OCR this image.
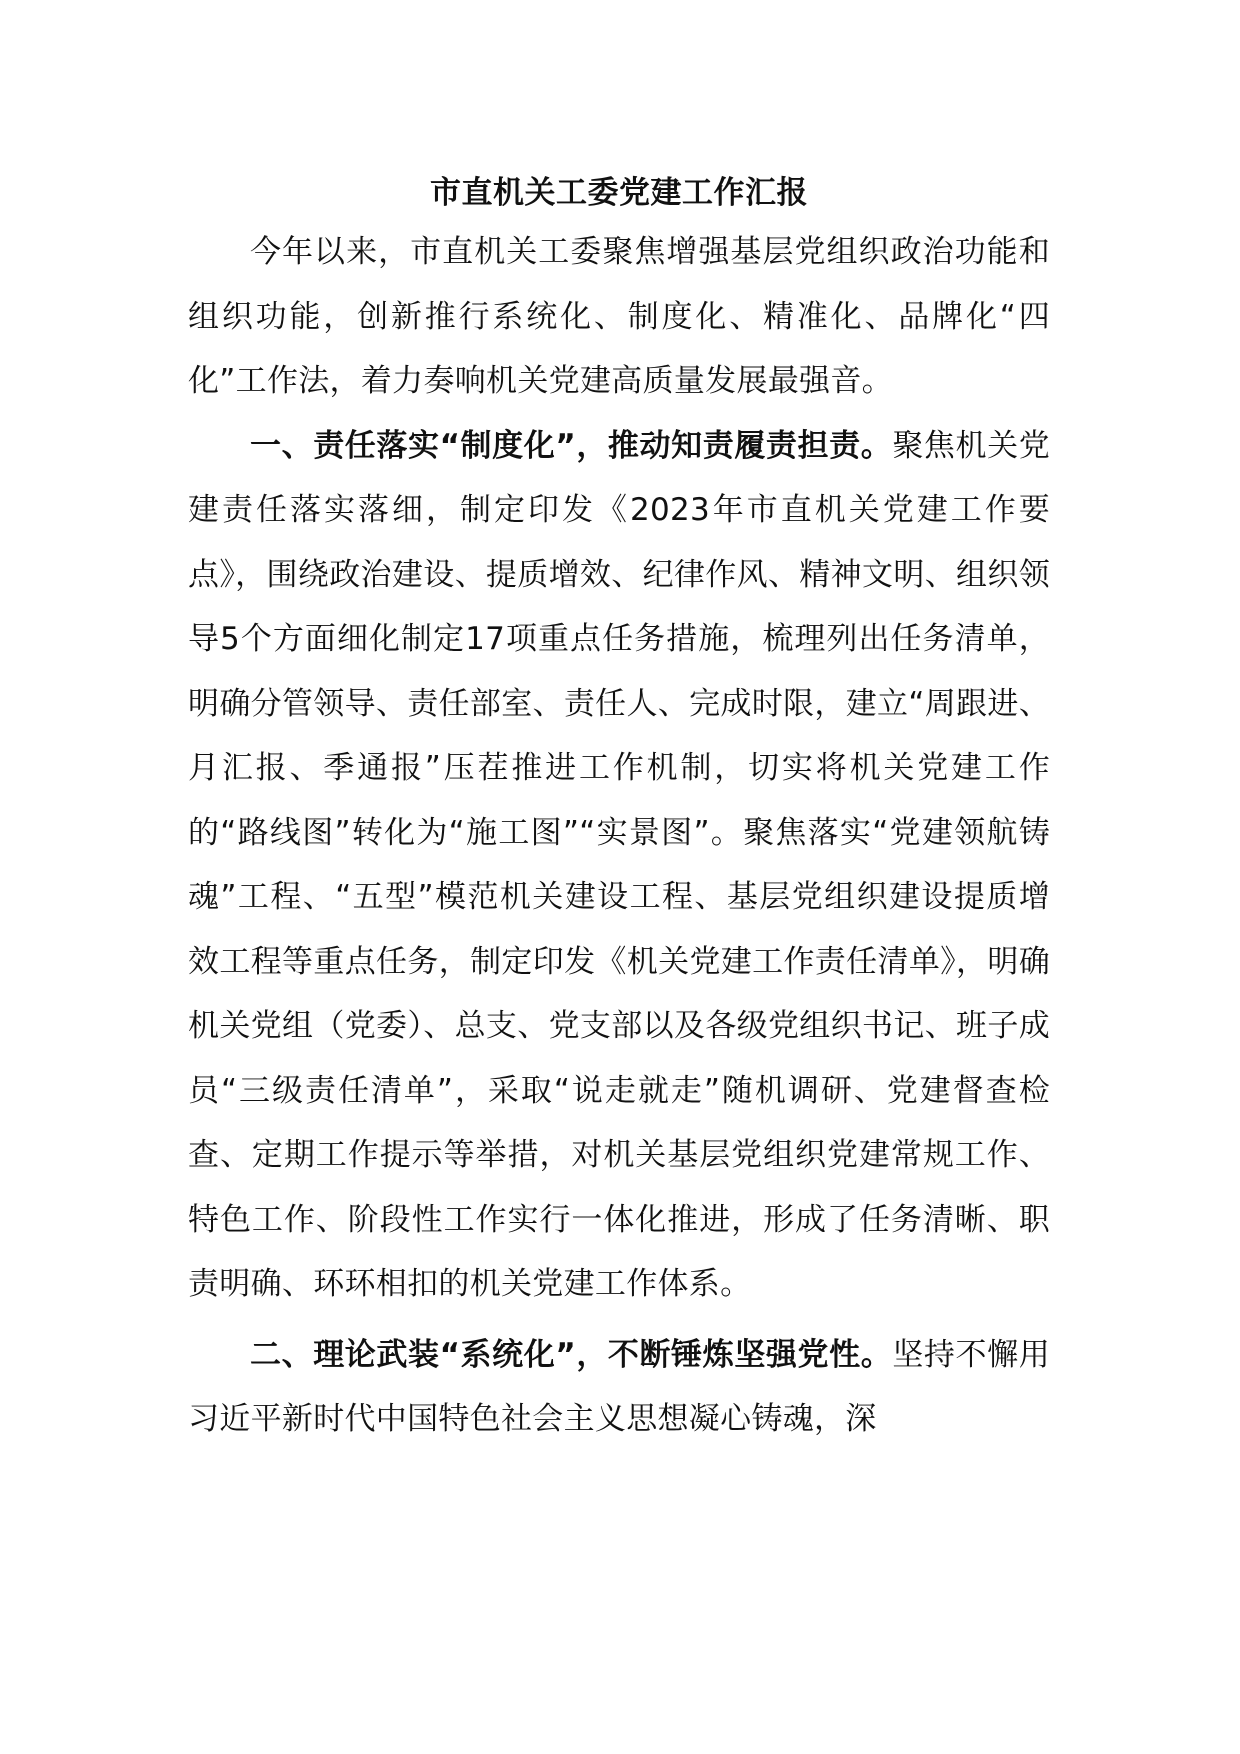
市直机关工委党建工作汇报

今年以来，市直机关工委聚焦增强基层党组织政治功能和组织功能，创新推行系统化、制度化、精准化、品牌化“四化”工作法，着力奏响机关党建高质量发展最强音。

一、责任落实“制度化”，推动知责履责担责。聚焦机关党建责任落实落细，制定印发《2023年市直机关党建工作要点》，围绕政治建设、提质增效、纪律作风、精神文明、组织领导5个方面细化制定17项重点任务措施，梳理列出任务清单，明确分管领导、责任部室、责任人、完成时限，建立“周跟进、月汇报、季通报”压茬推进工作机制，切实将机关党建工作的“路线图”转化为“施工图”“实景图”。聚焦落实“党建领航铸魂”工程、“五型”模范机关建设工程、基层党组织建设提质增效工程等重点任务，制定印发《机关党建工作责任清单》，明确机关党组（党委）、总支、党支部以及各级党组织书记、班子成员“三级责任清单”，采取“说走就走”随机调研、党建督查检查、定期工作提示等举措，对机关基层党组织党建常规工作、特色工作、阶段性工作实行一体化推进，形成了任务清晰、职责明确、环环相扣的机关党建工作体系。

二、理论武装“系统化”，不断锤炼坚强党性。坚持不懈用习近平新时代中国特色社会主义思想凝心铸魂，深
